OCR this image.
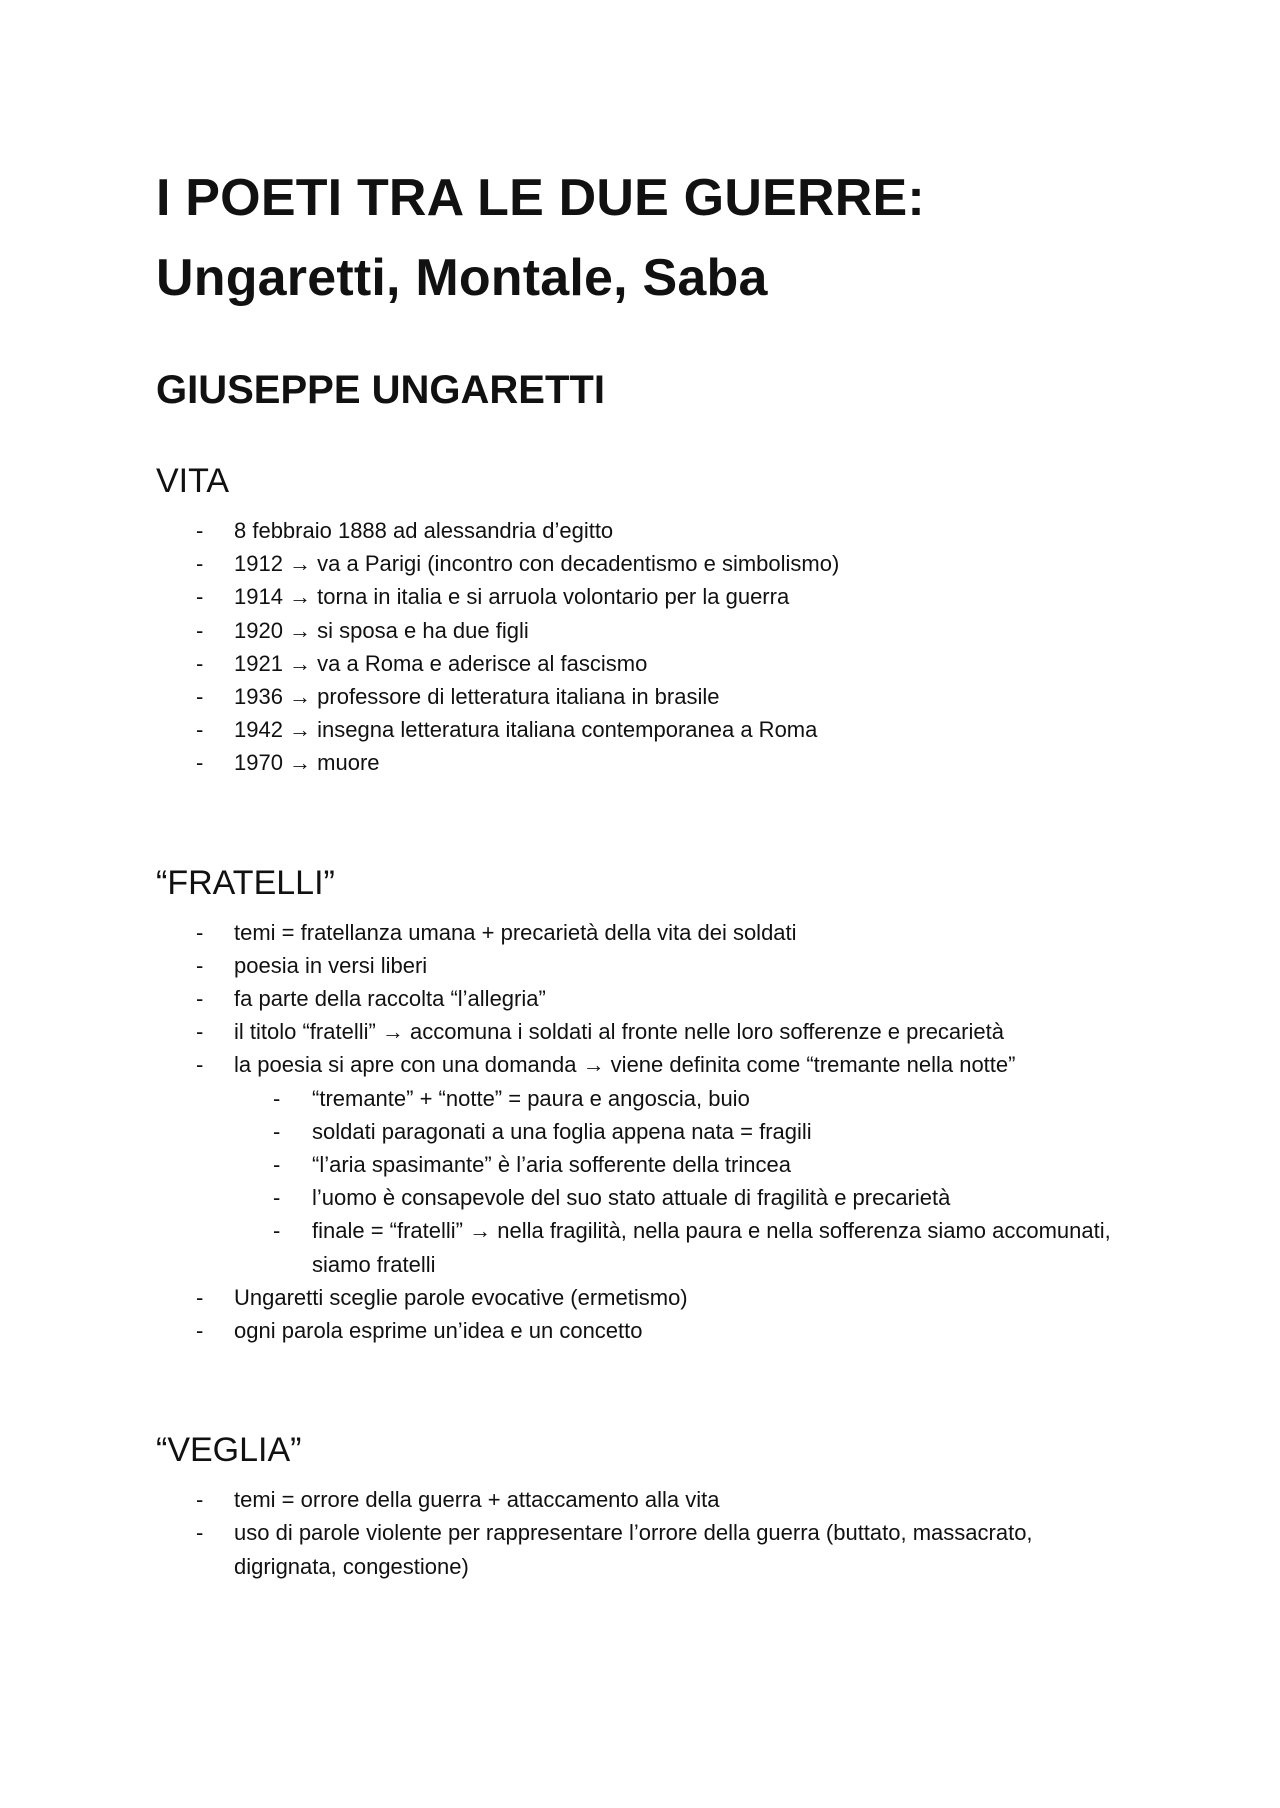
I POETI TRA LE DUE GUERRE:
Ungaretti, Montale, Saba
GIUSEPPE UNGARETTI
VITA
- 8 febbraio 1888 ad alessandria d’egitto
- 1912 → va a Parigi (incontro con decadentismo e simbolismo)
- 1914 → torna in italia e si arruola volontario per la guerra
- 1920 → si sposa e ha due figli
- 1921 → va a Roma e aderisce al fascismo
- 1936 → professore di letteratura italiana in brasile
- 1942 → insegna letteratura italiana contemporanea a Roma
- 1970 → muore
“FRATELLI”
- temi = fratellanza umana + precarietà della vita dei soldati
- poesia in versi liberi
- fa parte della raccolta “l’allegria”
- il titolo “fratelli” → accomuna i soldati al fronte nelle loro sofferenze e precarietà
- la poesia si apre con una domanda → viene definita come “tremante nella notte”
- “tremante” + “notte” = paura e angoscia, buio
- soldati paragonati a una foglia appena nata = fragili
- “l’aria spasimante” è l’aria sofferente della trincea
- l’uomo è consapevole del suo stato attuale di fragilità e precarietà
- finale = “fratelli” → nella fragilità, nella paura e nella sofferenza siamo accomunati, siamo fratelli
- Ungaretti sceglie parole evocative (ermetismo)
- ogni parola esprime un’idea e un concetto
“VEGLIA”
- temi = orrore della guerra + attaccamento alla vita
- uso di parole violente per rappresentare l’orrore della guerra (buttato, massacrato, digrignata, congestione)
